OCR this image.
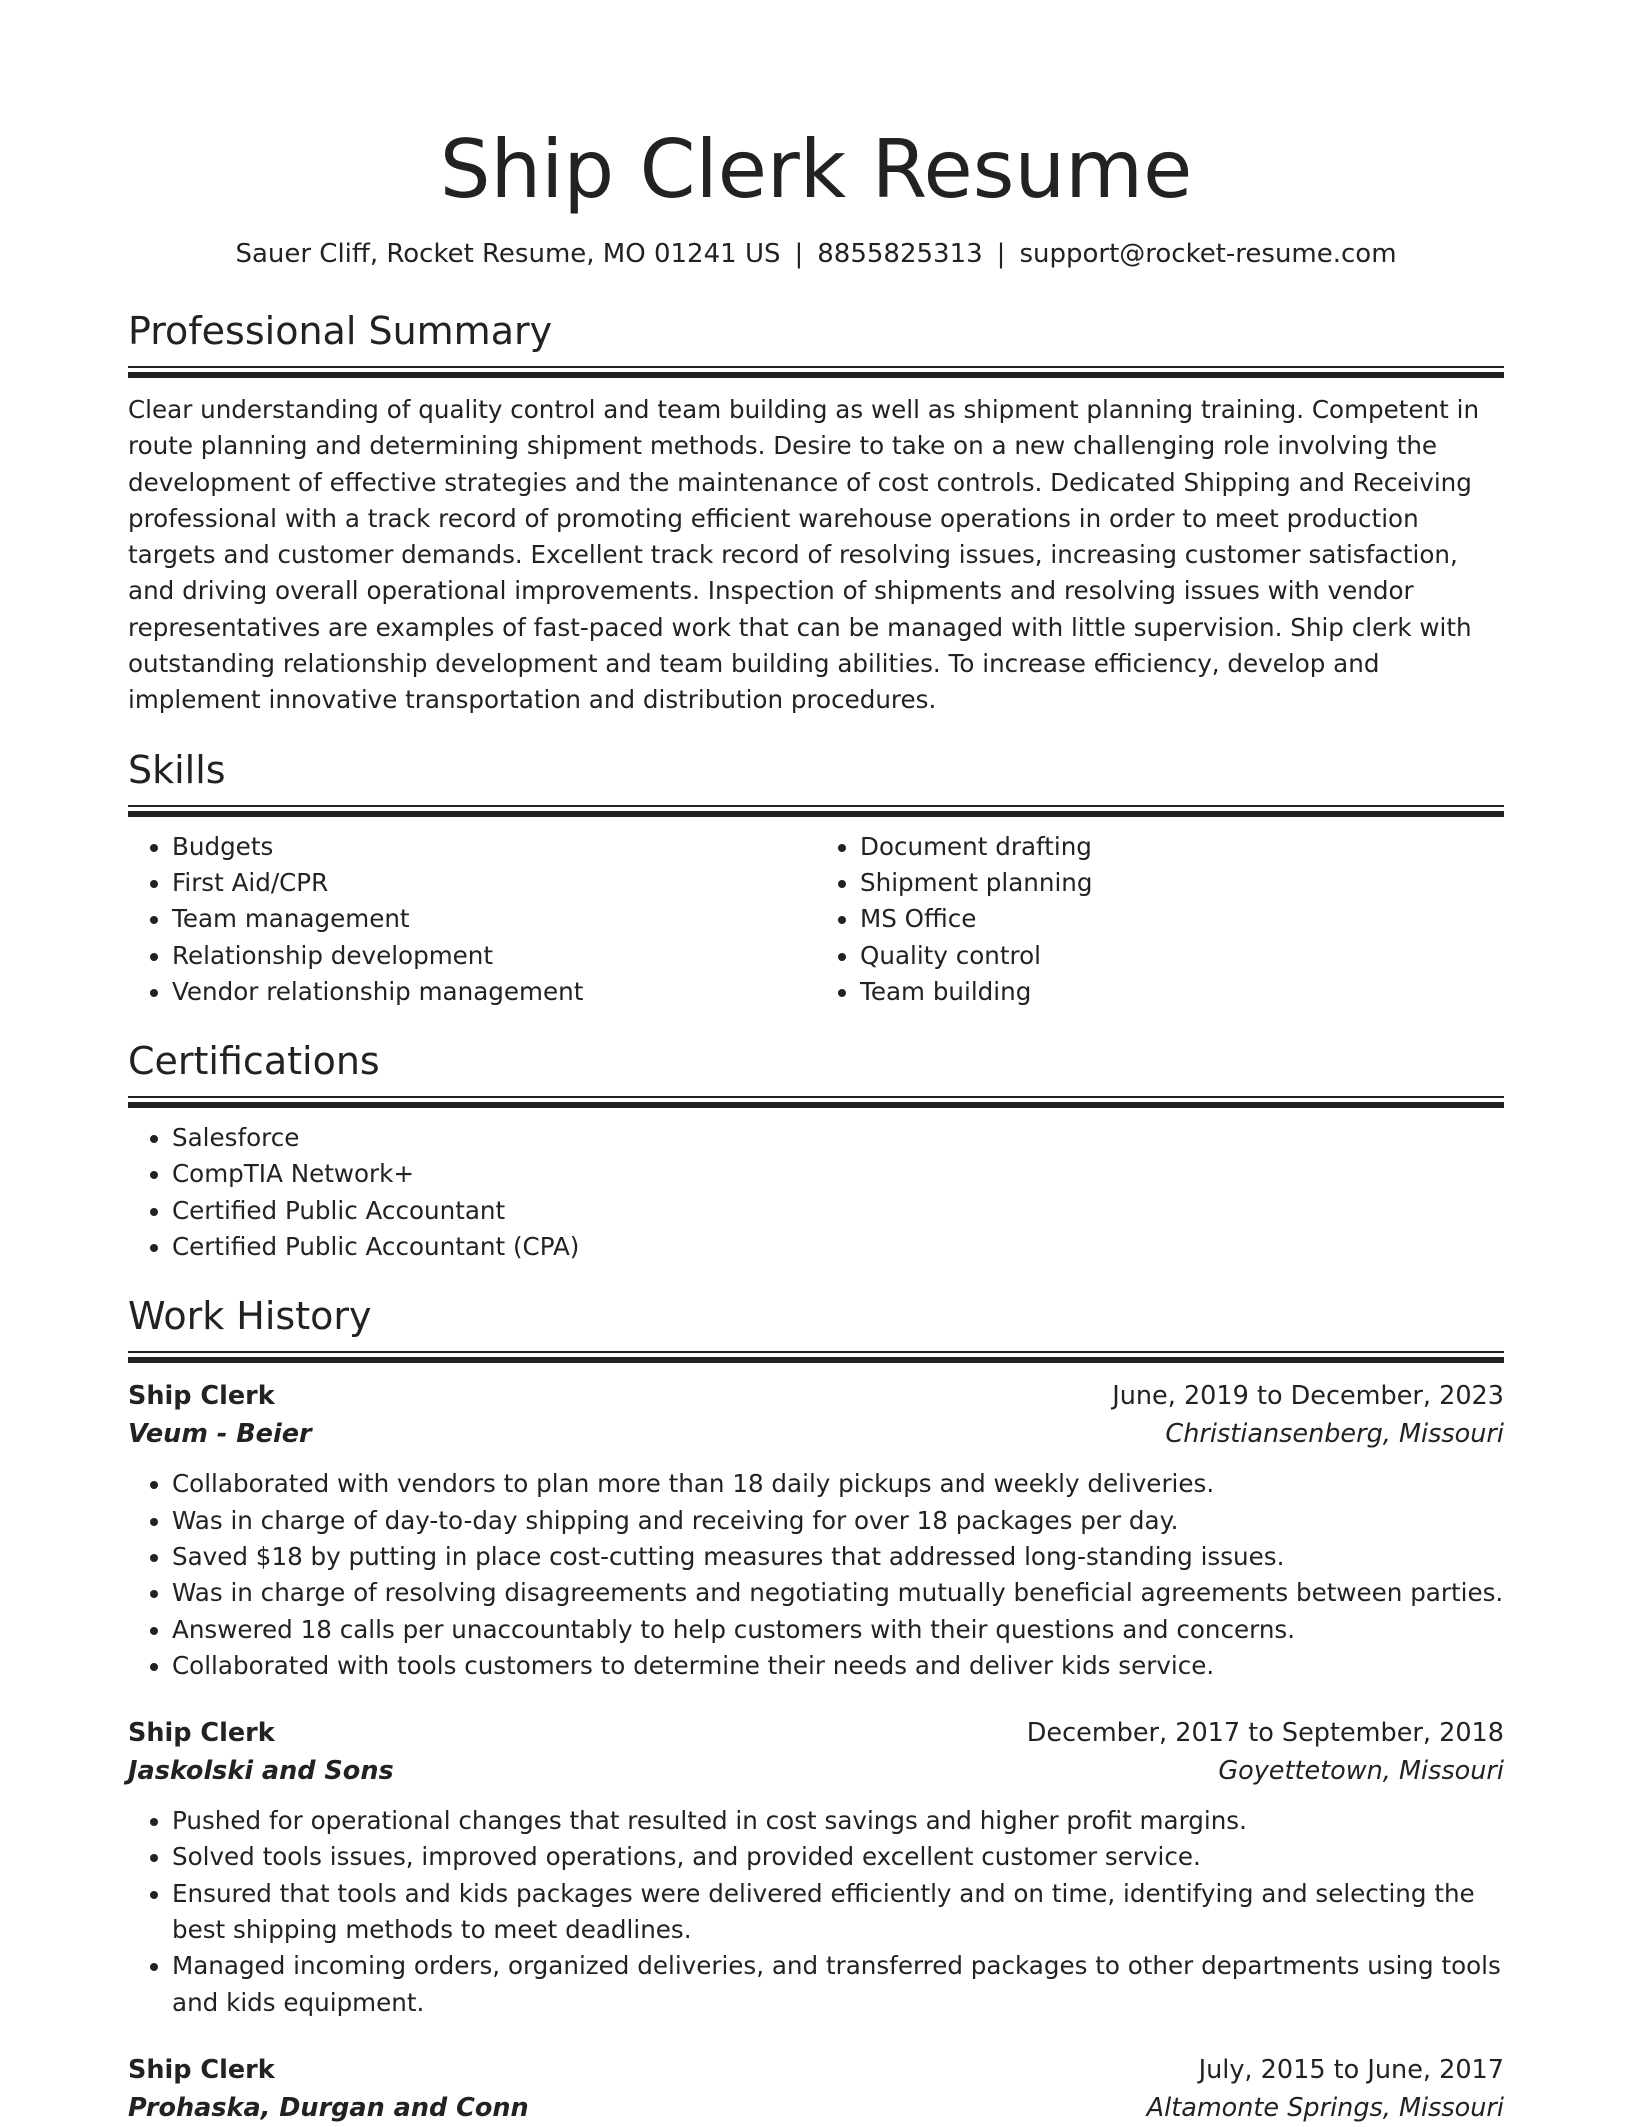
Ship Clerk Resume
Sauer Cliff, Rocket Resume, MO 01241 US | 8855825313 | support@rocket-resume.com
Professional Summary

Clear understanding of quality control and team building as well as shipment planning training. Competent in route planning and determining shipment methods. Desire to take on a new challenging role involving the development of effective strategies and the maintenance of cost controls. Dedicated Shipping and Receiving professional with a track record of promoting efficient warehouse operations in order to meet production targets and customer demands. Excellent track record of resolving issues, increasing customer satisfaction, and driving overall operational improvements. Inspection of shipments and resolving issues with vendor representatives are examples of fast-paced work that can be managed with little supervision. Ship clerk with outstanding relationship development and team building abilities. To increase efficiency, develop and implement innovative transportation and distribution procedures.

Skills
• Budgets
• First Aid/CPR
• Team management
• Relationship development
• Vendor relationship management
• Document drafting
• Shipment planning
• MS Office
• Quality control
• Team building
Certifications
• Salesforce
• CompTIA Network+
• Certified Public Accountant
• Certified Public Accountant (CPA)
Work History
Ship Clerk	June, 2019 to December, 2023
Veum - Beier	Christiansenberg, Missouri
• Collaborated with vendors to plan more than 18 daily pickups and weekly deliveries.
• Was in charge of day-to-day shipping and receiving for over 18 packages per day.
• Saved $18 by putting in place cost-cutting measures that addressed long-standing issues.
• Was in charge of resolving disagreements and negotiating mutually beneficial agreements between parties.
• Answered 18 calls per unaccountably to help customers with their questions and concerns.
• Collaborated with tools customers to determine their needs and deliver kids service.
Ship Clerk	December, 2017 to September, 2018
Jaskolski and Sons	Goyettetown, Missouri
• Pushed for operational changes that resulted in cost savings and higher profit margins.
• Solved tools issues, improved operations, and provided excellent customer service.
• Ensured that tools and kids packages were delivered efficiently and on time, identifying and selecting the best shipping methods to meet deadlines.
• Managed incoming orders, organized deliveries, and transferred packages to other departments using tools and kids equipment.
Ship Clerk	July, 2015 to June, 2017
Prohaska, Durgan and Conn	Altamonte Springs, Missouri
